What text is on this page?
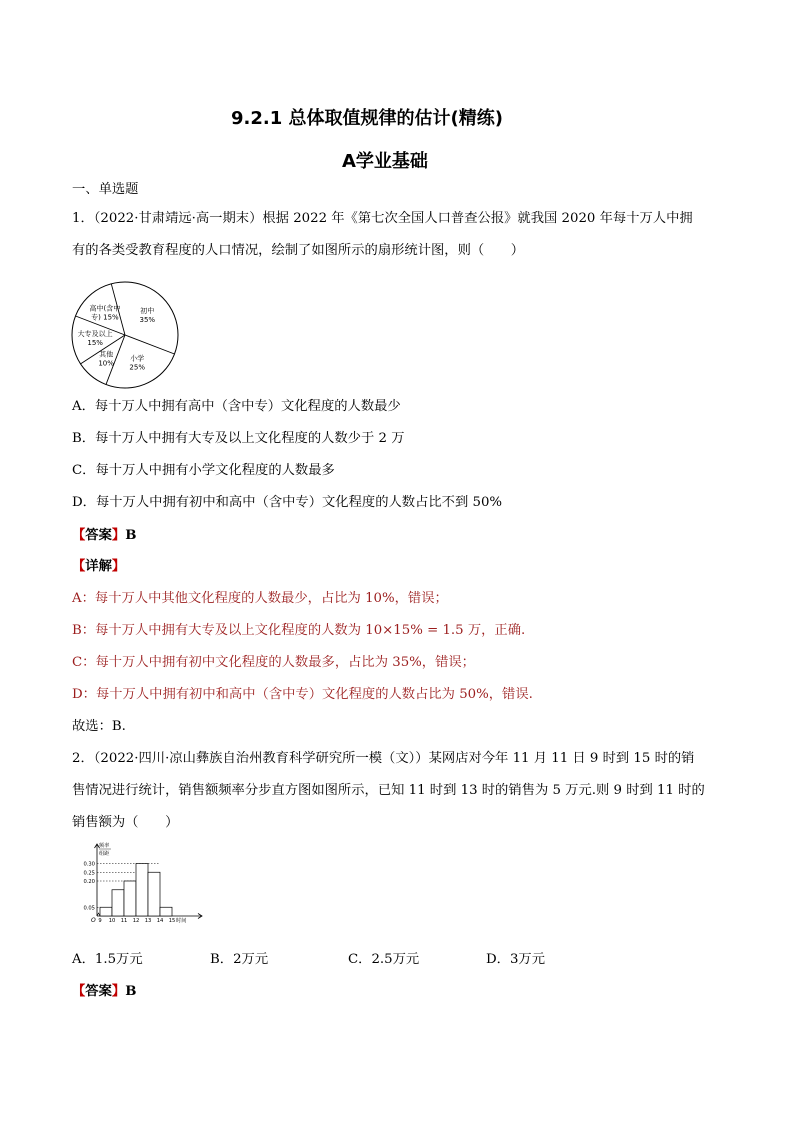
9.2.1 总体取值规律的估计(精练)
A学业基础
一、单选题
1．（2022·甘肃靖远·高一期末）根据 2022 年《第七次全国人口普查公报》就我国 2020 年每十万人中拥
有的各类受教育程度的人口情况，绘制了如图所示的扇形统计图，则（　　）
其他 10%
大专及以上 15%
高中(含中专) 15%
初中 35%
小学 25%
A．每十万人中拥有高中（含中专）文化程度的人数最少
B．每十万人中拥有大专及以上文化程度的人数少于 2 万
C．每十万人中拥有小学文化程度的人数最多
D．每十万人中拥有初中和高中（含中专）文化程度的人数占比不到 50%
【答案】B
【详解】
A：每十万人中其他文化程度的人数最少，占比为 10%，错误；
B：每十万人中拥有大专及以上文化程度的人数为 10×15% = 1.5 万，正确.
C：每十万人中拥有初中文化程度的人数最多，占比为 35%，错误；
D：每十万人中拥有初中和高中（含中专）文化程度的人数占比为 50%，错误.
故选：B.
2．（2022·四川·凉山彝族自治州教育科学研究所一模（文））某网店对今年 11 月 11 日 9 时到 15 时的销
售情况进行统计，销售额频率分步直方图如图所示，已知 11 时到 13 时的销售为 5 万元.则 9 时到 11 时的
销售额为（　　）
0.30
0.25
0.20
0.05
9 10 11 12 13 14 15
O	时间
频率
组距
A．1.5万元	B．2万元	C．2.5万元	D．3万元
【答案】B
